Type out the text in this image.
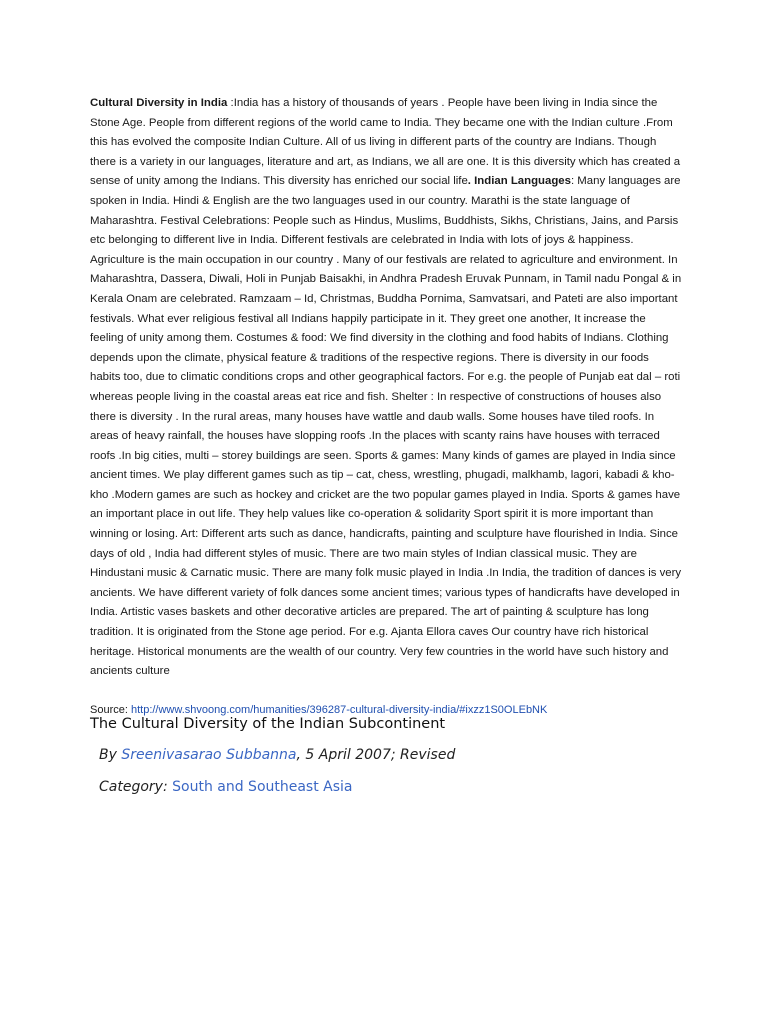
Cultural Diversity in India :India has a history of thousands of years . People have been living in India since the Stone Age. People from different regions of the world came to India. They became one with the Indian culture .From this has evolved the composite Indian Culture. All of us living in different parts of the country are Indians. Though there is a variety in our languages, literature and art, as Indians, we all are one. It is this diversity which has created a sense of unity among the Indians. This diversity has enriched our social life. Indian Languages: Many languages are spoken in India. Hindi & English are the two languages used in our country. Marathi is the state language of Maharashtra. Festival Celebrations: People such as Hindus, Muslims, Buddhists, Sikhs, Christians, Jains, and Parsis etc belonging to different live in India. Different festivals are celebrated in India with lots of joys & happiness. Agriculture is the main occupation in our country . Many of our festivals are related to agriculture and environment. In Maharashtra, Dassera, Diwali, Holi in Punjab Baisakhi, in Andhra Pradesh Eruvak Punnam, in Tamil nadu Pongal & in Kerala Onam are celebrated. Ramzaam – Id, Christmas, Buddha Pornima, Samvatsari, and Pateti are also important festivals. What ever religious festival all Indians happily participate in it. They greet one another, It increase the feeling of unity among them. Costumes & food: We find diversity in the clothing and food habits of Indians. Clothing depends upon the climate, physical feature & traditions of the respective regions. There is diversity in our foods habits too, due to climatic conditions crops and other geographical factors. For e.g. the people of Punjab eat dal – roti whereas people living in the coastal areas eat rice and fish. Shelter : In respective of constructions of houses also there is diversity . In the rural areas, many houses have wattle and daub walls. Some houses have tiled roofs. In areas of heavy rainfall, the houses have slopping roofs .In the places with scanty rains have houses with terraced roofs .In big cities, multi – storey buildings are seen. Sports & games: Many kinds of games are played in India since ancient times. We play different games such as tip – cat, chess, wrestling, phugadi, malkhamb, lagori, kabadi & kho-kho .Modern games are such as hockey and cricket are the two popular games played in India. Sports & games have an important place in out life. They help values like co-operation & solidarity Sport spirit it is more important than winning or losing. Art: Different arts such as dance, handicrafts, painting and sculpture have flourished in India. Since days of old , India had different styles of music. There are two main styles of Indian classical music. They are Hindustani music & Carnatic music. There are many folk music played in India .In India, the tradition of dances is very ancients. We have different variety of folk dances some ancient times; various types of handicrafts have developed in India. Artistic vases baskets and other decorative articles are prepared. The art of painting & sculpture has long tradition. It is originated from the Stone age period. For e.g. Ajanta Ellora caves Our country have rich historical heritage. Historical monuments are the wealth of our country. Very few countries in the world have such history and ancients culture

Source: http://www.shvoong.com/humanities/396287-cultural-diversity-india/#ixzz1S0OLEbNK

The Cultural Diversity of the Indian Subcontinent

By Sreenivasarao Subbanna, 5 April 2007; Revised

Category: South and Southeast Asia
